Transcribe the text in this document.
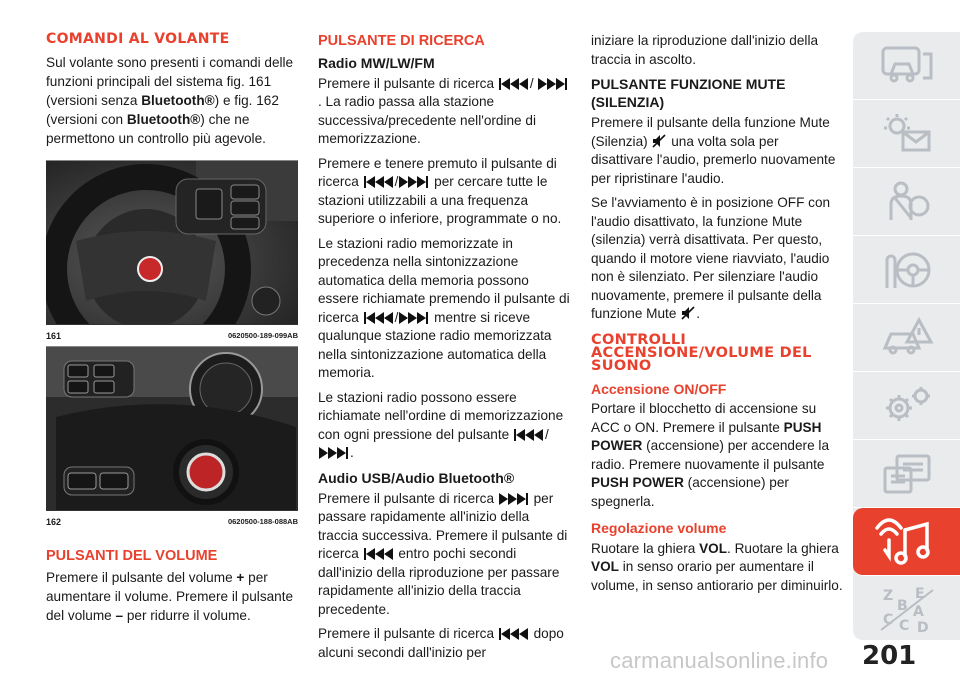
COMANDI AL VOLANTE

Sul volante sono presenti i comandi delle funzioni principali del sistema fig. 161 (versioni senza Bluetooth®) e fig. 162 (versioni con Bluetooth®) che ne permettono un controllo più agevole.

161	0620500-189-099AB
162	0620500-188-088AB
PULSANTI DEL VOLUME

Premere il pulsante del volume + per aumentare il volume. Premere il pulsante del volume – per ridurre il volume.

PULSANTE DI RICERCA
Radio MW/LW/FM

Premere il pulsante di ricerca	/ . La radio passa alla stazione successiva/precedente nell'ordine di memorizzazione.

Premere e tenere premuto il pulsante di ricerca	/	per cercare tutte le stazioni utilizzabili a una frequenza superiore o inferiore, programmate o no.

Le stazioni radio memorizzate in precedenza nella sintonizzazione automatica della memoria possono essere richiamate premendo il pulsante di ricerca	/	mentre si riceve qualunque stazione radio memorizzata nella sintonizzazione automatica della memoria.

Le stazioni radio possono essere richiamate nell'ordine di memorizzazione con ogni pressione del pulsante	/.

Audio USB/Audio Bluetooth®

Premere il pulsante di ricerca	per passare rapidamente all'inizio della traccia successiva. Premere il pulsante di ricerca	entro pochi secondi dall'inizio della riproduzione per passare rapidamente all'inizio della traccia precedente.

Premere il pulsante di ricerca	dopo alcuni secondi dall'inizio per

iniziare la riproduzione dall'inizio della traccia in ascolto.

PULSANTE FUNZIONE MUTE (SILENZIA)

Premere il pulsante della funzione Mute (Silenzia) una volta sola per disattivare l'audio, premerlo nuovamente per ripristinare l'audio.

Se l'avviamento è in posizione OFF con l'audio disattivato, la funzione Mute (silenzia) verrà disattivata. Per questo, quando il motore viene riavviato, l'audio non è silenziato. Per silenziare l'audio nuovamente, premere il pulsante della funzione Mute .

CONTROLLI ACCENSIONE/VOLUME DEL SUONO
Accensione ON/OFF

Portare il blocchetto di accensione su ACC o ON. Premere il pulsante PUSH POWER (accensione) per accendere la radio. Premere nuovamente il pulsante PUSH POWER (accensione) per spegnerla.

Regolazione volume

Ruotare la ghiera VOL. Ruotare la ghiera VOL in senso orario per aumentare il volume, in senso antiorario per diminuirlo.

Z E
B A
C C D
201
carmanualsonline.info
